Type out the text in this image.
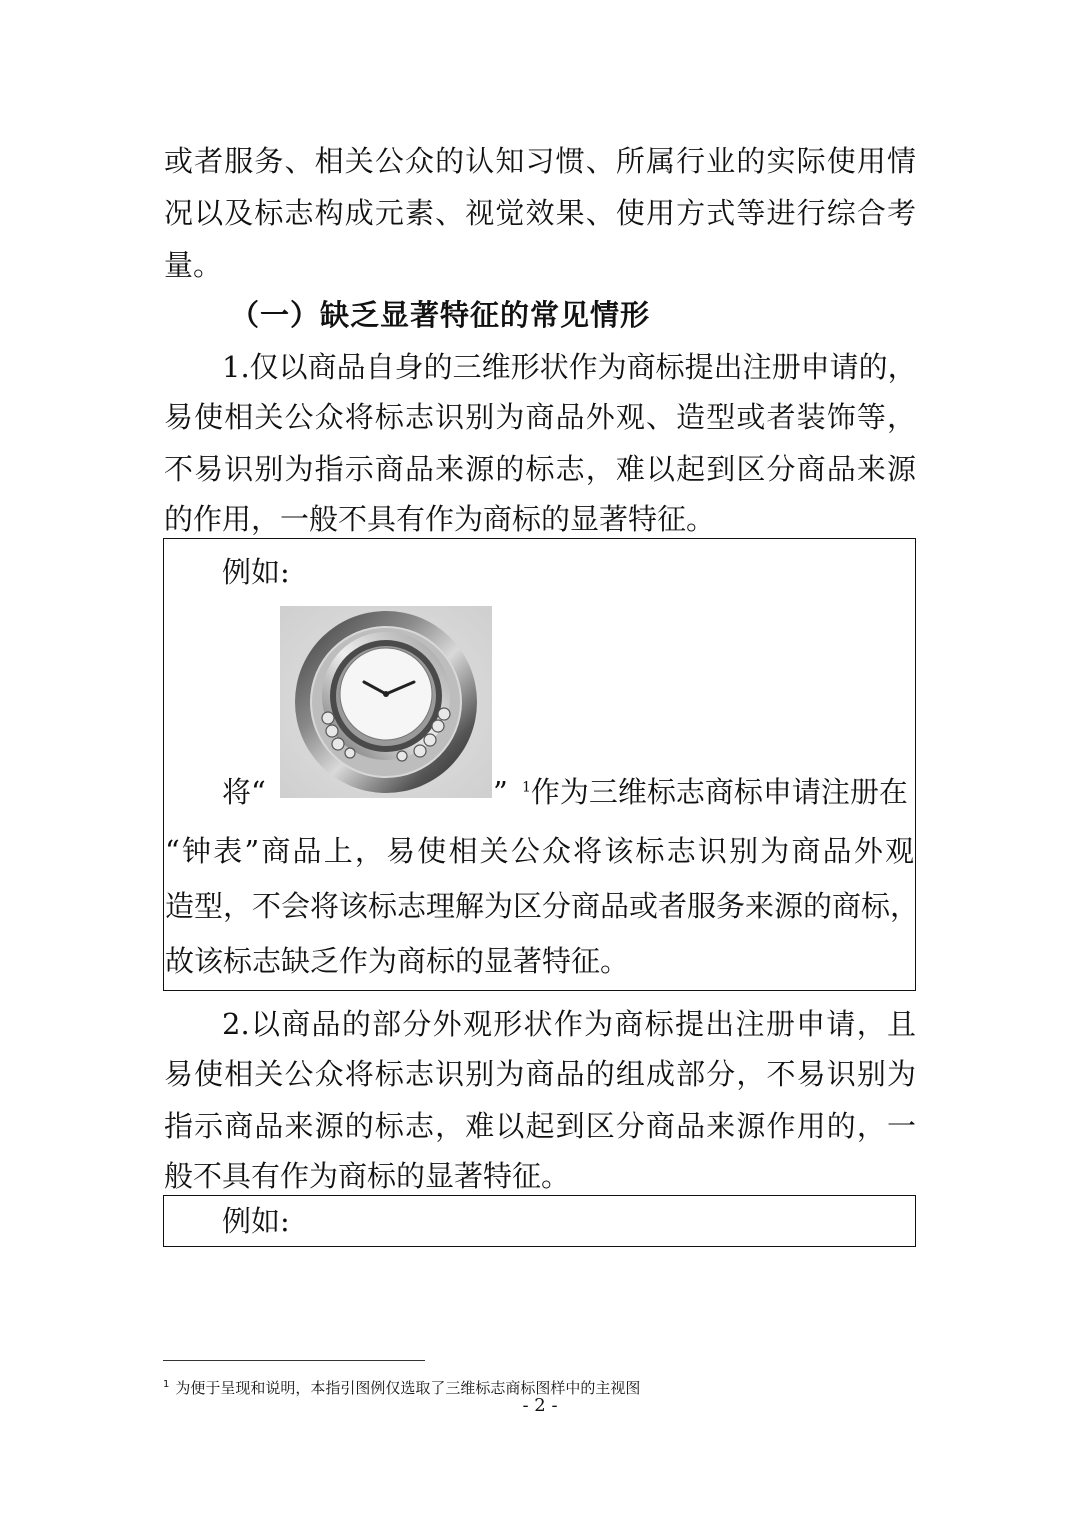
或者服务、相关公众的认知习惯、所属行业的实际使用情
况以及标志构成元素、视觉效果、使用方式等进行综合考
量。
（一）缺乏显著特征的常见情形
1.仅以商品自身的三维形状作为商标提出注册申请的，
易使相关公众将标志识别为商品外观、造型或者装饰等，
不易识别为指示商品来源的标志，难以起到区分商品来源
的作用，一般不具有作为商标的显著特征。
例如:
将“	”	$^1$作为三维标志商标申请注册在
“钟表”商品上，易使相关公众将该标志识别为商品外观
造型，不会将该标志理解为区分商品或者服务来源的商标，
故该标志缺乏作为商标的显著特征。
2.以商品的部分外观形状作为商标提出注册申请，且
易使相关公众将标志识别为商品的组成部分，不易识别为
指示商品来源的标志，难以起到区分商品来源作用的，一
般不具有作为商标的显著特征。
例如:
$^1$ 为便于呈现和说明，本指引图例仅选取了三维标志商标图样中的主视图
- 2 -
